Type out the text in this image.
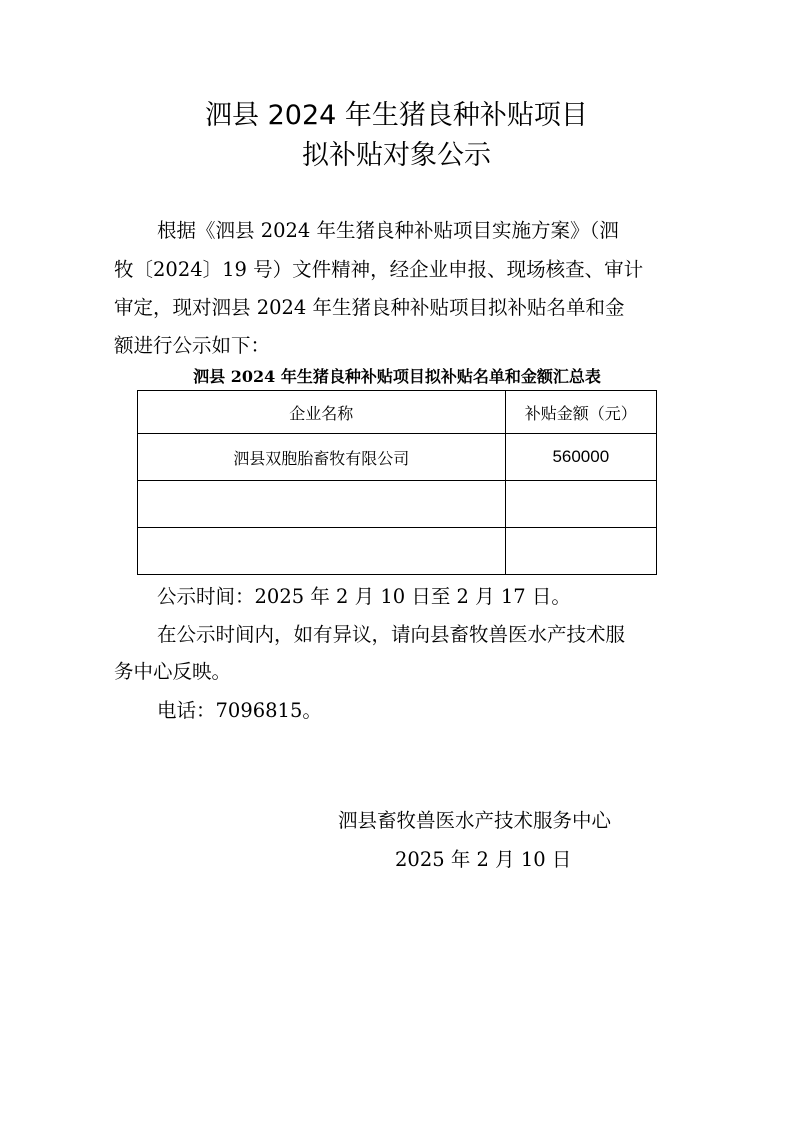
泗县 2024 年生猪良种补贴项目
拟补贴对象公示
根据《泗县 2024 年生猪良种补贴项目实施方案》（泗
牧〔2024〕19 号）文件精神，经企业申报、现场核查、审计
审定，现对泗县 2024 年生猪良种补贴项目拟补贴名单和金
额进行公示如下：
泗县 2024 年生猪良种补贴项目拟补贴名单和金额汇总表
企业名称	补贴金额（元）
泗县双胞胎畜牧有限公司	560000

公示时间：2025 年 2 月 10 日至 2 月 17 日。
在公示时间内，如有异议，请向县畜牧兽医水产技术服
务中心反映。
电话：7096815。
泗县畜牧兽医水产技术服务中心
2025 年 2 月 10 日
